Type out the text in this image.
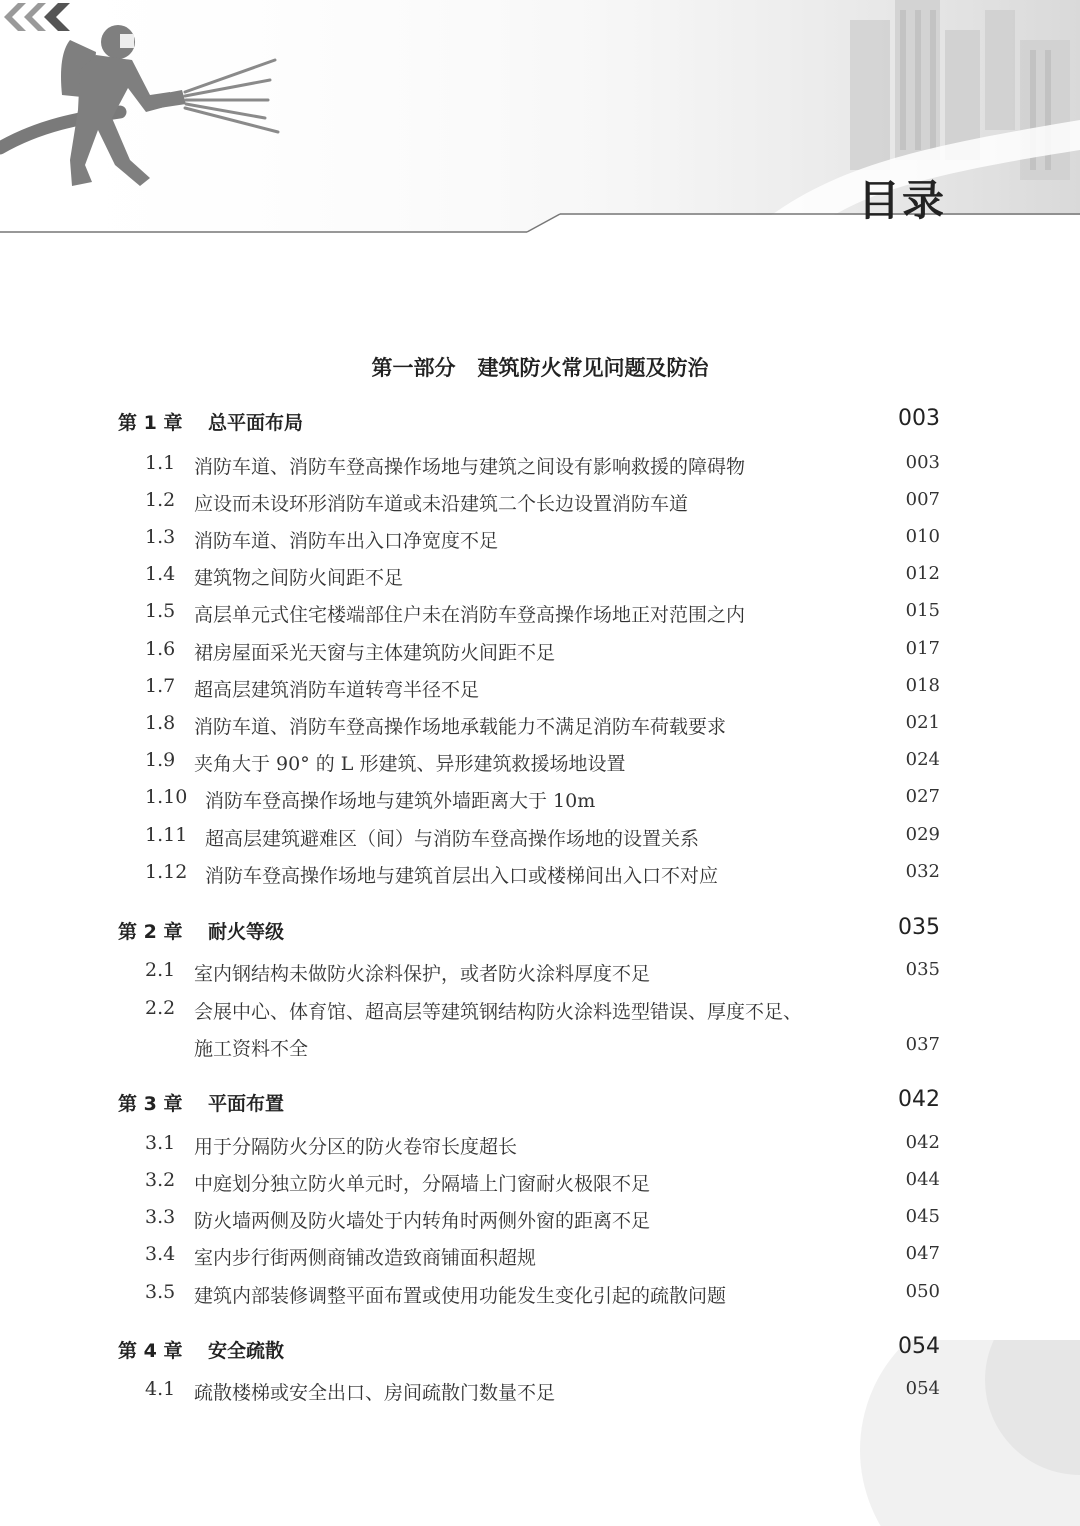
目录
第一部分 建筑防火常见问题及防治
第 1 章 总平面布局	003
1.1 消防车道、消防车登高操作场地与建筑之间设有影响救援的障碍物	003
1.2 应设而未设环形消防车道或未沿建筑二个长边设置消防车道	007
1.3 消防车道、消防车出入口净宽度不足	010
1.4 建筑物之间防火间距不足	012
1.5 高层单元式住宅楼端部住户未在消防车登高操作场地正对范围之内	015
1.6 裙房屋面采光天窗与主体建筑防火间距不足	017
1.7 超高层建筑消防车道转弯半径不足	018
1.8 消防车道、消防车登高操作场地承载能力不满足消防车荷载要求	021
1.9 夹角大于 90° 的 L 形建筑、异形建筑救援场地设置	024
1.10 消防车登高操作场地与建筑外墙距离大于 10m	027
1.11 超高层建筑避难区（间）与消防车登高操作场地的设置关系	029
1.12 消防车登高操作场地与建筑首层出入口或楼梯间出入口不对应	032
第 2 章 耐火等级	035
2.1 室内钢结构未做防火涂料保护，或者防火涂料厚度不足	035
2.2 会展中心、体育馆、超高层等建筑钢结构防火涂料选型错误、厚度不足、
施工资料不全	037
第 3 章 平面布置	042
3.1 用于分隔防火分区的防火卷帘长度超长	042
3.2 中庭划分独立防火单元时，分隔墙上门窗耐火极限不足	044
3.3 防火墙两侧及防火墙处于内转角时两侧外窗的距离不足	045
3.4 室内步行街两侧商铺改造致商铺面积超规	047
3.5 建筑内部装修调整平面布置或使用功能发生变化引起的疏散问题	050
第 4 章 安全疏散	054
4.1 疏散楼梯或安全出口、房间疏散门数量不足	054
